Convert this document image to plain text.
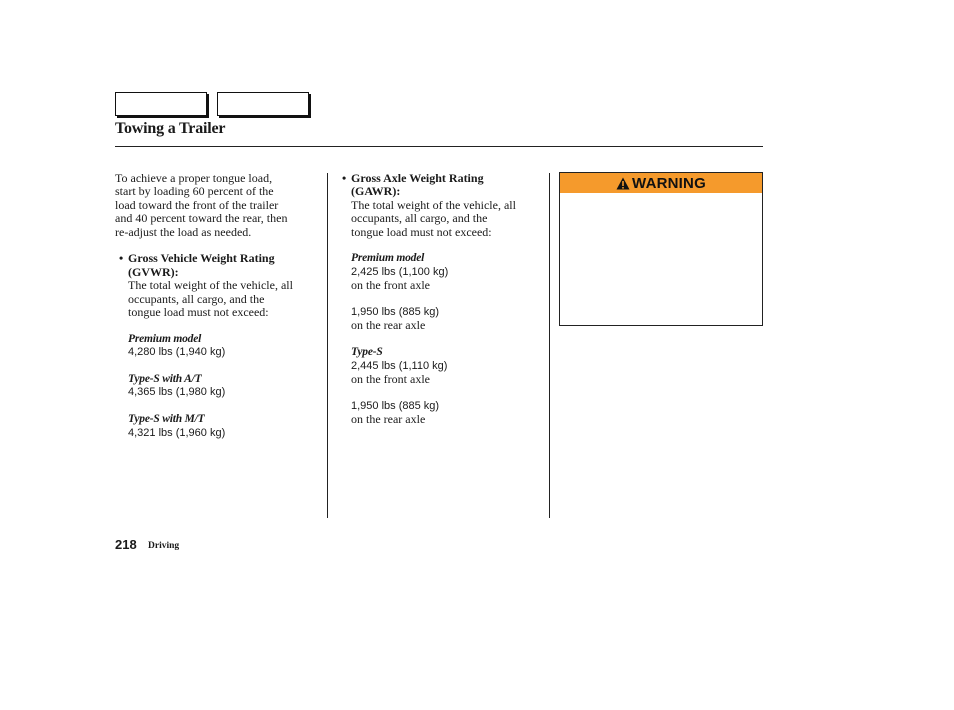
Towing a Trailer

To achieve a proper tongue load,
start by loading 60 percent of the
load toward the front of the trailer
and 40 percent toward the rear, then
re-adjust the load as needed.

• Gross Vehicle Weight Rating
(GVWR):

The total weight of the vehicle, all
occupants, all cargo, and the
tongue load must not exceed:

Premium model
4,280 lbs (1,940 kg)
Type-S with A/T
4,365 lbs (1,980 kg)
Type-S with M/T
4,321 lbs (1,960 kg)

• Gross Axle Weight Rating
(GAWR):

The total weight of the vehicle, all
occupants, all cargo, and the
tongue load must not exceed:

Premium model
2,425 lbs (1,100 kg)
on the front axle
1,950 lbs (885 kg)
on the rear axle
Type-S
2,445 lbs (1,110 kg)
on the front axle
1,950 lbs (885 kg)
on the rear axle
WARNING
218 Driving
